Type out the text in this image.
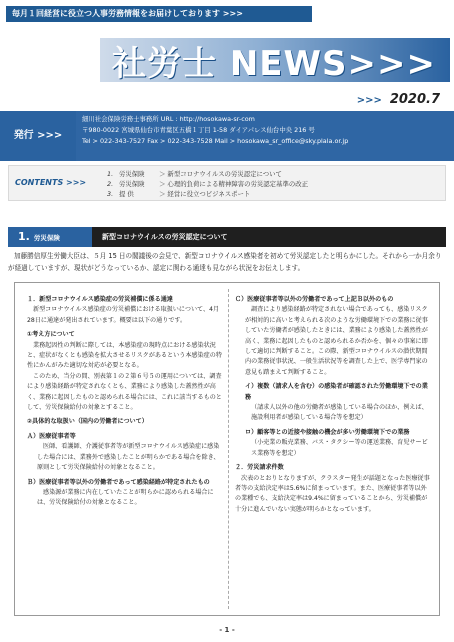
毎月１回経営に役立つ人事労務情報をお届けしております >>>
社労士 NEWS>>>
>>> 2020.7
発行 >>>
細川社会保険労務士事務所 URL : http://hosokawa-sr-com
〒980-0022 宮城県仙台市青葉区五橋１丁目 1-58 ダイアパレス仙台中央 216 号
Tel > 022-343-7527 Fax > 022-343-7528 Mail > hosokawa_sr_office@sky.plala.or.jp
CONTENTS >>>
1. 労災保険 ＞ 新型コロナウイルスの労災認定について
2. 労災保険 ＞ 心理的負荷による精神障害の労災認定基準の改正
3. 提 供	＞ 経営に役立つビジネスポート
1. 労災保険	新型コロナウイルスの労災認定について
加藤勝信厚生労働大臣は、５月 15 日の閣議後の会見で、新型コロナウイルス感染者を初めて労災認定したと明らかにした。それから一か月余りが経過していますが、現状がどうなっているか、認定に関わる通達も見ながら状況をお伝えします。
１．新型コロナウイルス感染症の労災補償に係る通達
新型コロナウイルス感染症の労災補償における取扱いについて、4月28日に通達が発出されています。概要は以下の通りです。
①考え方について
業務起因性の判断に際しては、本感染症の現時点における感染状況と、症状がなくとも感染を拡大させるリスクがあるという本感染症の特性にかんがみた適切な対応が必要となる。
このため、当分の間、別表第１の２第６号５の運用については、調査により感染経路が特定されなくとも、業務により感染した蓋然性が高く、業務に起因したものと認められる場合には、これに該当するものとして、労災保険給付の対象とすること。
②具体的な取扱い（国内の労働者について）
Ａ）医療従事者等
医師、看護師、介護従事者等が新型コロナウイルス感染症に感染した場合には、業務外で感染したことが明らかである場合を除き、原則として労災保険給付の対象となること。
Ｂ）医療従事者等以外の労働者であって感染経路が特定されたもの
感染源が業務に内在していたことが明らかに認められる場合には、労災保険給付の対象となること。
Ｃ）医療従事者等以外の労働者であって上記Ｂ以外のもの
調査により感染経路が特定されない場合であっても、感染リスクが相対的に高いと考えられる次のような労働環境下での業務に従事していた労働者が感染したときには、業務により感染した蓋然性が高く、業務に起因したものと認められるか否かを、個々の事案に即して適切に判断すること。この際、新型コロナウイルスの潜伏期間内の業務従事状況、一般生活状況等を調査した上で、医学専門家の意見も踏まえて判断すること。
イ）複数（請求人を含む）の感染者が確認された労働環境下での業務
（請求人以外の他の労働者が感染している場合のほか、例えば、施設利用者が感染している場合等を想定）
ロ）顧客等との近接や接触の機会が多い労働環境下での業務
（小売業の販売業務、バス・タクシー等の運送業務、育児サービス業務等を想定）
２．労災請求件数
次表のとおりとなりますが、クラスター発生が話題となった医療従事者等の支給決定率は5.6%に留まっています。また、医療従事者等以外の業種でも、支給決定率は9.4%に留まっていることから、労災補償が十分に進んでいない実態が明らかとなっています。
- 1 -
